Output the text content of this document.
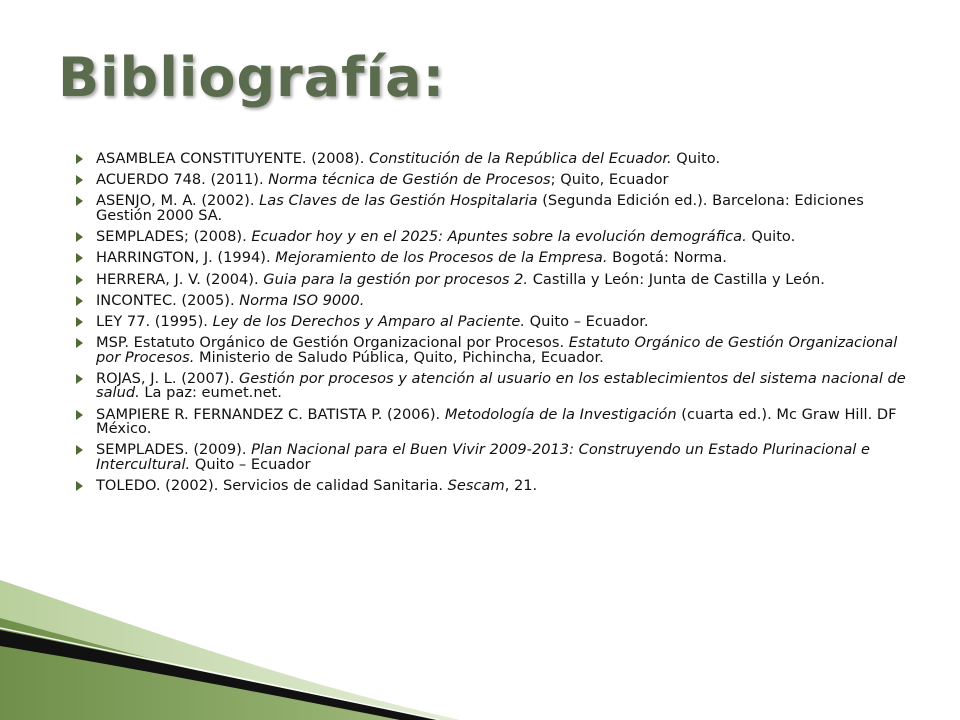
Bibliografía:
ASAMBLEA CONSTITUYENTE. (2008). Constitución de la República del Ecuador. Quito.
ACUERDO 748. (2011). Norma técnica de Gestión de Procesos; Quito, Ecuador
ASENJO, M. A. (2002). Las Claves de las Gestión Hospitalaria (Segunda Edición ed.). Barcelona: Ediciones Gestión 2000 SA.
SEMPLADES; (2008). Ecuador hoy y en el 2025: Apuntes sobre la evolución demográfica. Quito.
HARRINGTON, J. (1994). Mejoramiento de los Procesos de la Empresa. Bogotá: Norma.
HERRERA, J. V. (2004). Guia para la gestión por procesos 2. Castilla y León: Junta de Castilla y León.
INCONTEC. (2005). Norma ISO 9000.
LEY 77. (1995). Ley de los Derechos y Amparo al Paciente. Quito – Ecuador.
MSP. Estatuto Orgánico de Gestión Organizacional por Procesos. Estatuto Orgánico de Gestión Organizacional por Procesos. Ministerio de Saludo Pública, Quito, Pichincha, Ecuador.
ROJAS, J. L. (2007). Gestión por procesos y atención al usuario en los establecimientos del sistema nacional de salud. La paz: eumet.net.
SAMPIERE R. FERNANDEZ C. BATISTA P. (2006). Metodología de la Investigación (cuarta ed.). Mc Graw Hill. DF México.
SEMPLADES. (2009). Plan Nacional para el Buen Vivir 2009-2013: Construyendo un Estado Plurinacional e Intercultural. Quito – Ecuador
TOLEDO. (2002). Servicios de calidad Sanitaria. Sescam, 21.
